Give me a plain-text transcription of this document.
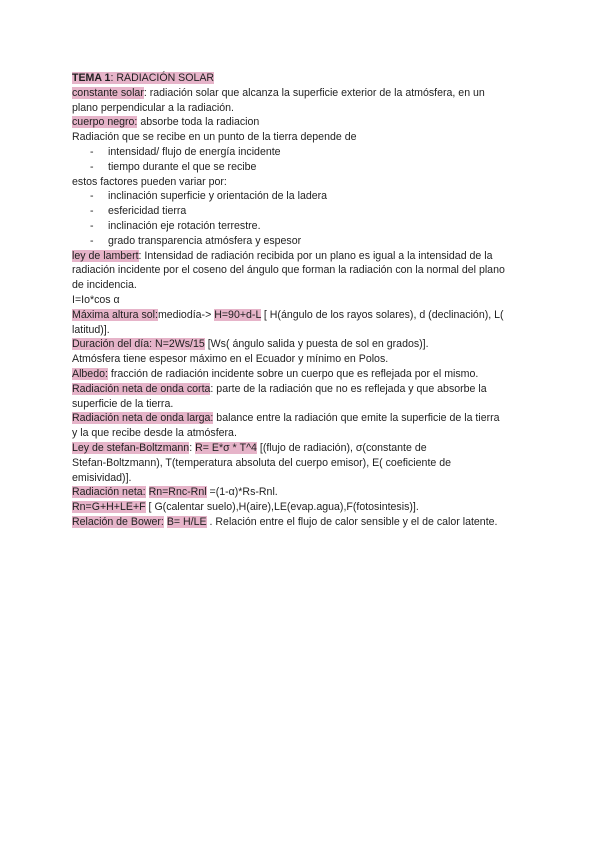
TEMA 1: RADIACIÓN SOLAR
constante solar: radiación solar que alcanza la superficie exterior de la atmósfera, en un
plano perpendicular a la radiación.
cuerpo negro: absorbe toda la radiacion
Radiación que se recibe en un punto de la tierra depende de
- intensidad/ flujo de energía incidente
- tiempo durante el que se recibe
estos factores pueden variar por:
- inclinación superficie y orientación de la ladera
- esfericidad tierra
- inclinación eje rotación terrestre.
- grado transparencia atmósfera y espesor
ley de lambert: Intensidad de radiación recibida por un plano es igual a la intensidad de la
radiación incidente por el coseno del ángulo que forman la radiación con la normal del plano
de incidencia.
I=Io*cos α
Máxima altura sol:mediodía-> H=90+d-L [ H(ángulo de los rayos solares), d (declinación), L(
latitud)].
Duración del día: N=2Ws/15 [Ws( ángulo salida y puesta de sol en grados)].
Atmósfera tiene espesor máximo en el Ecuador y mínimo en Polos.
Albedo: fracción de radiación incidente sobre un cuerpo que es reflejada por el mismo.
Radiación neta de onda corta: parte de la radiación que no es reflejada y que absorbe la
superficie de la tierra.
Radiación neta de onda larga: balance entre la radiación que emite la superficie de la tierra
y la que recibe desde la atmósfera.
Ley de stefan-Boltzmann: R= E*σ * T^4 [(flujo de radiación), σ(constante de
Stefan-Boltzmann), T(temperatura absoluta del cuerpo emisor), E( coeficiente de
emisividad)].
Radiación neta: Rn=Rnc-Rnl =(1-α)*Rs-Rnl.
Rn=G+H+LE+F [ G(calentar suelo),H(aire),LE(evap.agua),F(fotosintesis)].
Relación de Bower: B= H/LE . Relación entre el flujo de calor sensible y el de calor latente.
